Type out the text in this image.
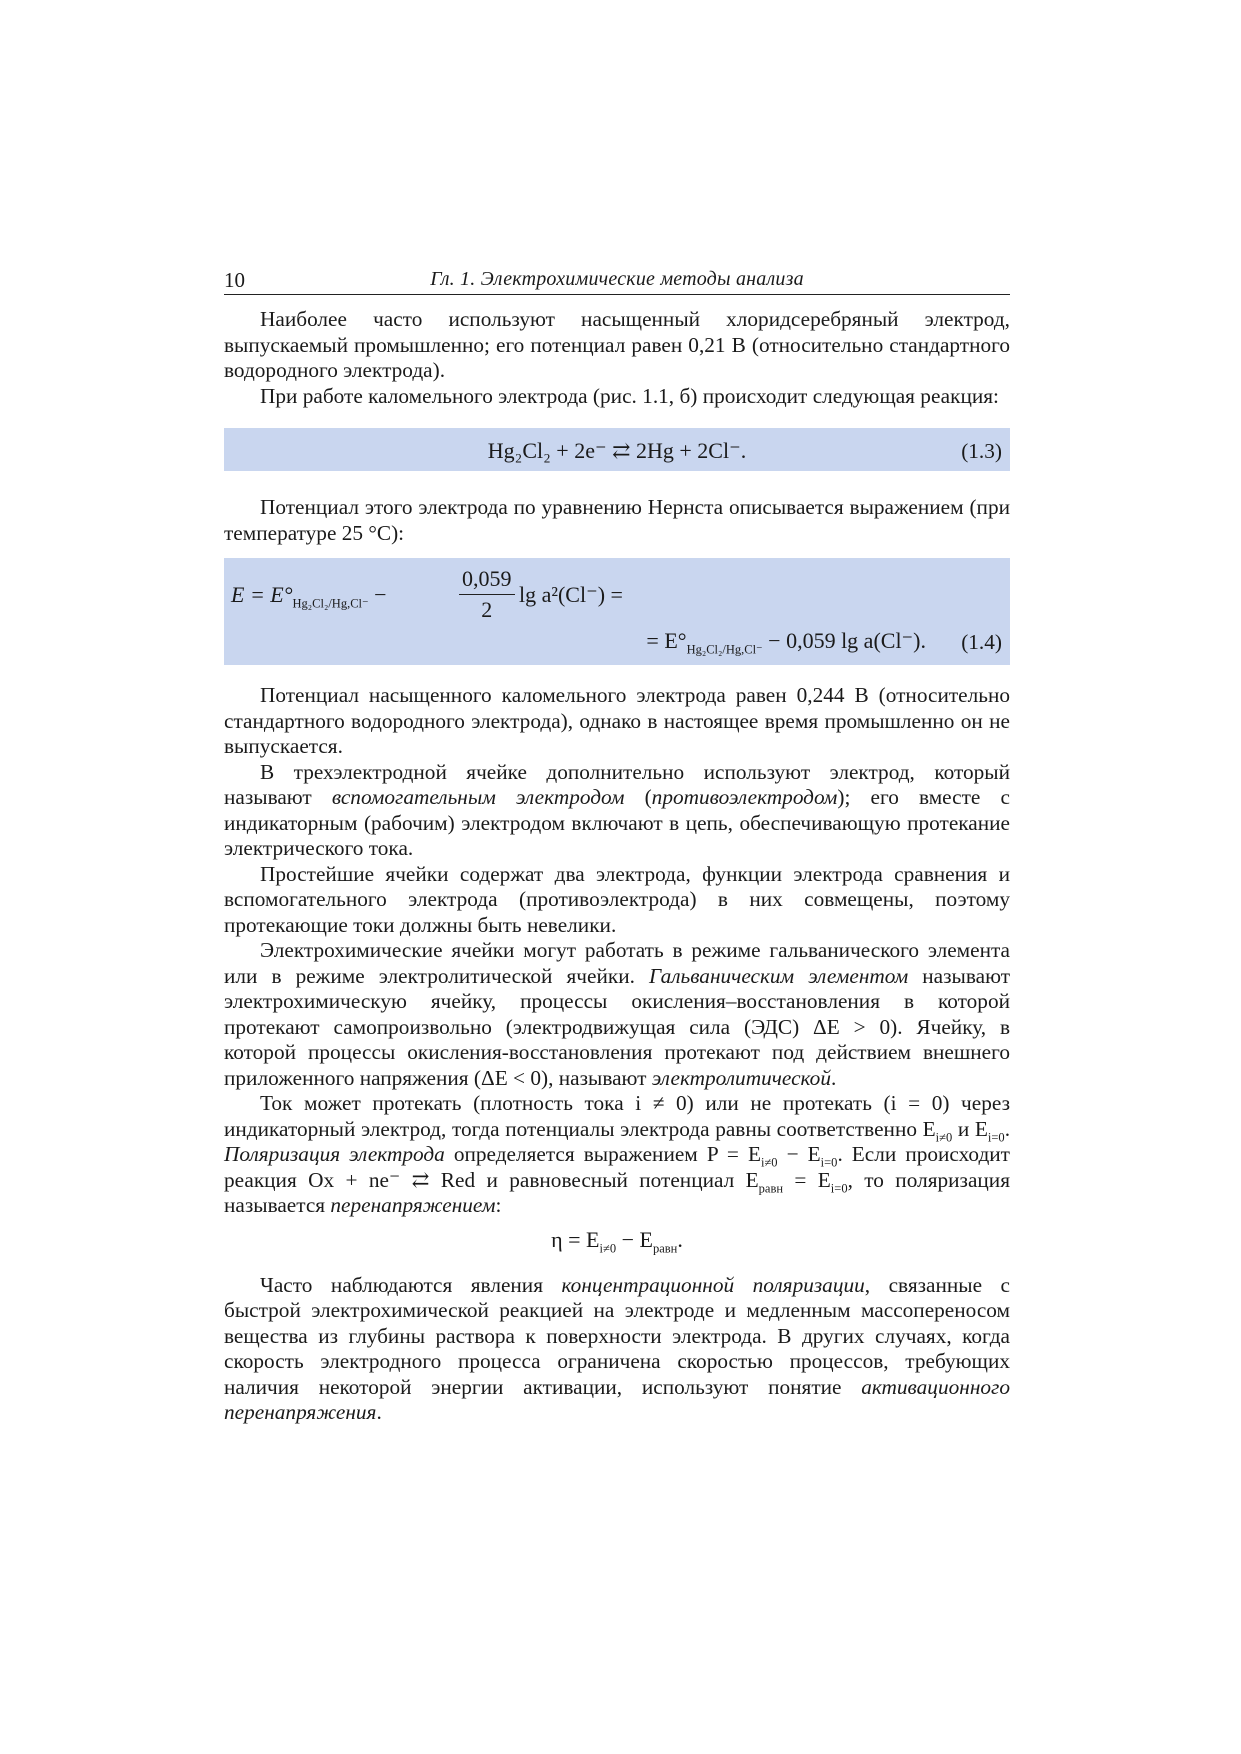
10	Гл. 1. Электрохимические методы анализа

Наиболее часто используют насыщенный хлоридсеребряный электрод, выпускаемый промышленно; его потенциал равен 0,21 В (относительно стандартного водородного электрода).

При работе каломельного электрода (рис. 1.1, б) происходит следующая реакция:

Hg₂Cl₂ + 2e⁻ ⇄ 2Hg + 2Cl⁻.	(1.3)

Потенциал этого электрода по уравнению Нернста описывается выражением (при температуре 25 °C):

$E = E^\circ_{Hg_2Cl_2/Hg,Cl^-}$ −	$\frac{0,059}{2}$ lg a²(Cl⁻) =
= $E^\circ_{Hg_2Cl_2/Hg,Cl^-} - 0,059$ lg a(Cl⁻). (1.4)

Потенциал насыщенного каломельного электрода равен 0,244 В (относительно стандартного водородного электрода), однако в настоящее время промышленно он не выпускается.

В трехэлектродной ячейке дополнительно используют электрод, который называют вспомогательным электродом (противоэлектродом); его вместе с индикаторным (рабочим) электродом включают в цепь, обеспечивающую протекание электрического тока.

Простейшие ячейки содержат два электрода, функции электрода сравнения и вспомогательного электрода (противоэлектрода) в них совмещены, поэтому протекающие токи должны быть невелики.

Электрохимические ячейки могут работать в режиме гальванического элемента или в режиме электролитической ячейки. Гальваническим элементом называют электрохимическую ячейку, процессы окисления–восстановления в которой протекают самопроизвольно (электродвижущая сила (ЭДС) ΔE > 0). Ячейку, в которой процессы окисления-восстановления протекают под действием внешнего приложенного напряжения (ΔE < 0), называют электролитической.

Ток может протекать (плотность тока i ≠ 0) или не протекать (i = 0) через индикаторный электрод, тогда потенциалы электрода равны соответственно $E_{i\ne 0}$ и $E_{i=0}$. Поляризация электрода определяется выражением $P = E_{i\ne 0} - E_{i=0}$. Если происходит реакция Ox + ne⁻ ⇄ Red и равновесный потенциал $E_{равн} = E_{i=0}$, то поляризация называется перенапряжением:

$\eta = E_{i\ne 0} - E_{равн}$.

Часто наблюдаются явления концентрационной поляризации, связанные с быстрой электрохимической реакцией на электроде и медленным массопереносом вещества из глубины раствора к поверхности электрода. В других случаях, когда скорость электродного процесса ограничена скоростью процессов, требующих наличия некоторой энергии активации, используют понятие активационного перенапряжения.
